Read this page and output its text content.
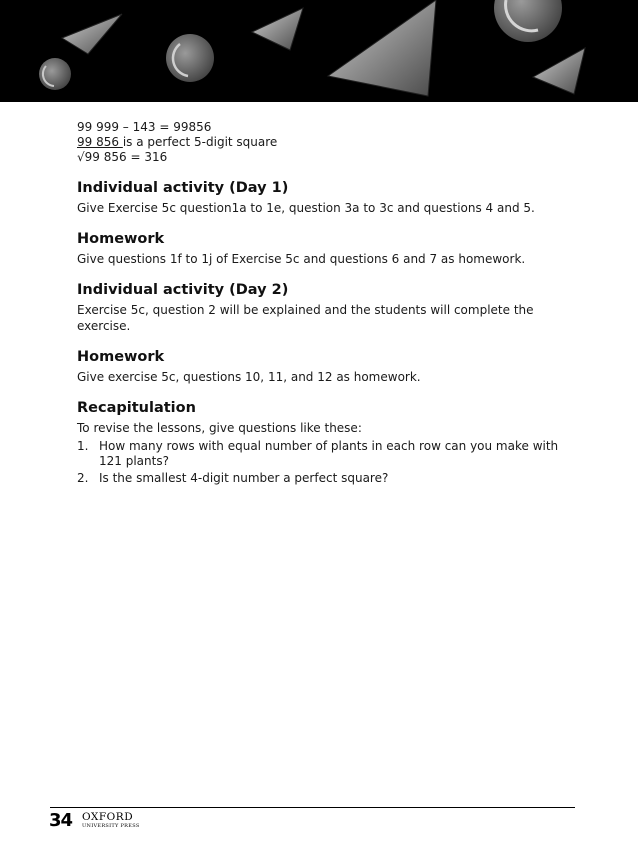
99 999 – 143 = 99856
99 856 is a perfect 5-digit square
√99 856 = 316
Individual activity (Day 1)

Give Exercise 5c question1a to 1e, question 3a to 3c and questions 4 and 5.

Homework

Give questions 1f to 1j of Exercise 5c and questions 6 and 7 as homework.

Individual activity (Day 2)

Exercise 5c, question 2 will be explained and the students will complete the exercise.

Homework

Give exercise 5c, questions 10, 11, and 12 as homework.

Recapitulation

To revise the lessons, give questions like these:

1. How many rows with equal number of plants in each row can you make with 121 plants?
2. Is the smallest 4-digit number a perfect square?
34 OXFORD
UNIVERSITY PRESS
